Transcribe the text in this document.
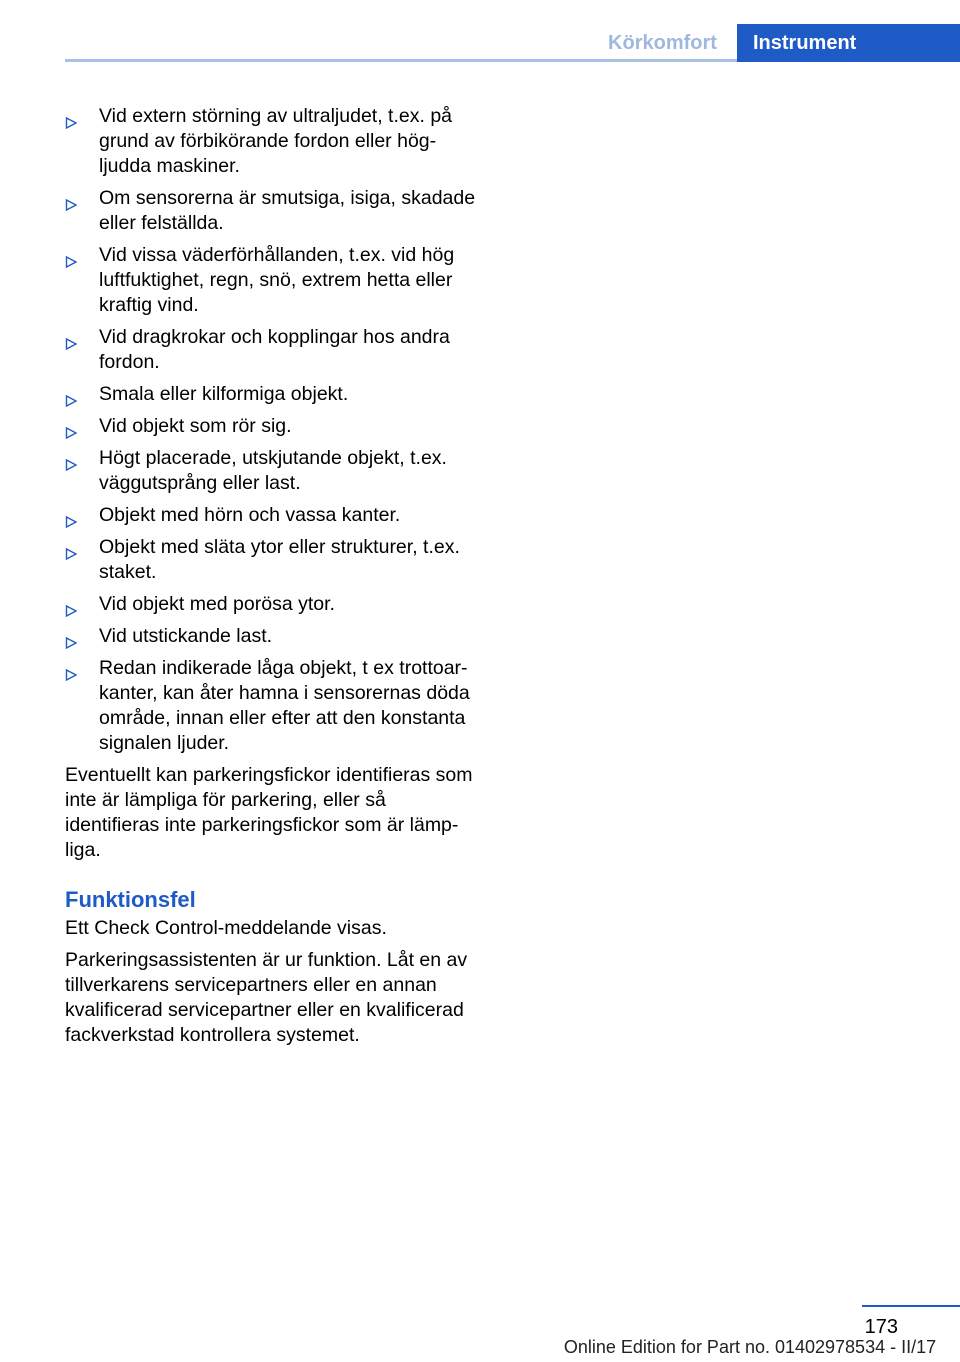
Körkomfort	Instrument
Vid extern störning av ultraljudet, t.ex. på grund av förbikörande fordon eller hög‐ ljudda maskiner.
Om sensorerna är smutsiga, isiga, skadade eller felställda.
Vid vissa väderförhållanden, t.ex. vid hög luftfuktighet, regn, snö, extrem hetta eller kraftig vind.
Vid dragkrokar och kopplingar hos andra fordon.
Smala eller kilformiga objekt.
Vid objekt som rör sig.
Högt placerade, utskjutande objekt, t.ex. väggutsprång eller last.
Objekt med hörn och vassa kanter.
Objekt med släta ytor eller strukturer, t.ex. staket.
Vid objekt med porösa ytor.
Vid utstickande last.
Redan indikerade låga objekt, t ex trottoar‐ kanter, kan åter hamna i sensorernas döda område, innan eller efter att den konstanta signalen ljuder.

Eventuellt kan parkeringsfickor identifieras som inte är lämpliga för parkering, eller så identifieras inte parkeringsfickor som är lämp‐ liga.

Funktionsfel

Ett Check Control-meddelande visas.

Parkeringsassistenten är ur funktion. Låt en av tillverkarens servicepartners eller en annan kvalificerad servicepartner eller en kvalificerad fackverkstad kontrollera systemet.

173
Online Edition for Part no. 01402978534 - II/17
